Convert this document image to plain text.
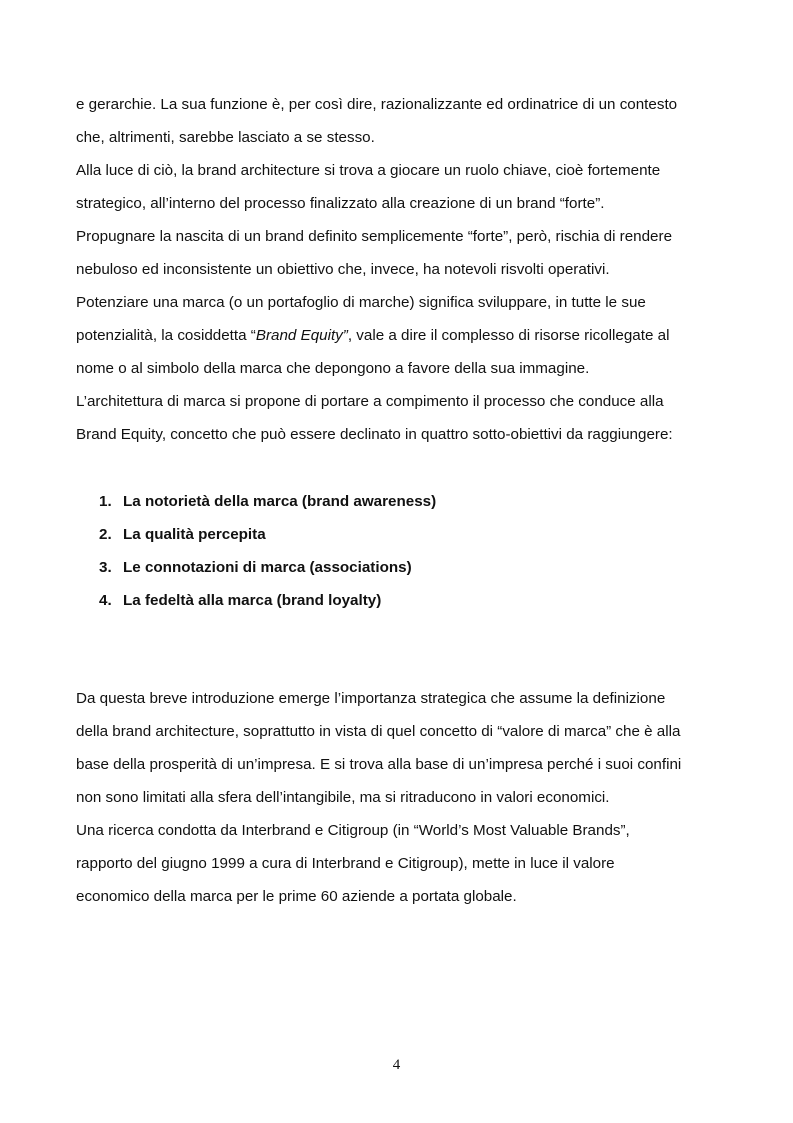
e gerarchie. La sua funzione è, per così dire, razionalizzante ed ordinatrice di un contesto
che, altrimenti, sarebbe lasciato a se stesso.
Alla luce di ciò, la brand architecture si trova a giocare un ruolo chiave, cioè fortemente
strategico, all’interno del processo finalizzato alla creazione di un brand “forte”.
Propugnare la nascita di un brand definito semplicemente “forte”, però, rischia di rendere
nebuloso ed inconsistente un obiettivo che, invece, ha notevoli risvolti operativi.
Potenziare una marca (o un portafoglio di marche) significa sviluppare, in tutte le sue
potenzialità, la cosiddetta “Brand Equity”, vale a dire il complesso di risorse ricollegate al
nome o al simbolo della marca che depongono a favore della sua immagine.
L’architettura di marca si propone di portare a compimento il processo che conduce alla
Brand Equity, concetto che può essere declinato in quattro sotto-obiettivi da raggiungere:
1. La notorietà della marca (brand awareness)
2. La qualità percepita
3. Le connotazioni di marca (associations)
4. La fedeltà alla marca (brand loyalty)
Da questa breve introduzione emerge l’importanza strategica che assume la definizione
della brand architecture, soprattutto in vista di quel concetto di “valore di marca” che è alla
base della prosperità di un’impresa. E si trova alla base di un’impresa perché i suoi confini
non sono limitati alla sfera dell’intangibile, ma si ritraducono in valori economici.
Una ricerca condotta da Interbrand e Citigroup (in “World’s Most Valuable Brands”,
rapporto del giugno 1999 a cura di Interbrand e Citigroup), mette in luce il valore
economico della marca per le prime 60 aziende a portata globale.
4
